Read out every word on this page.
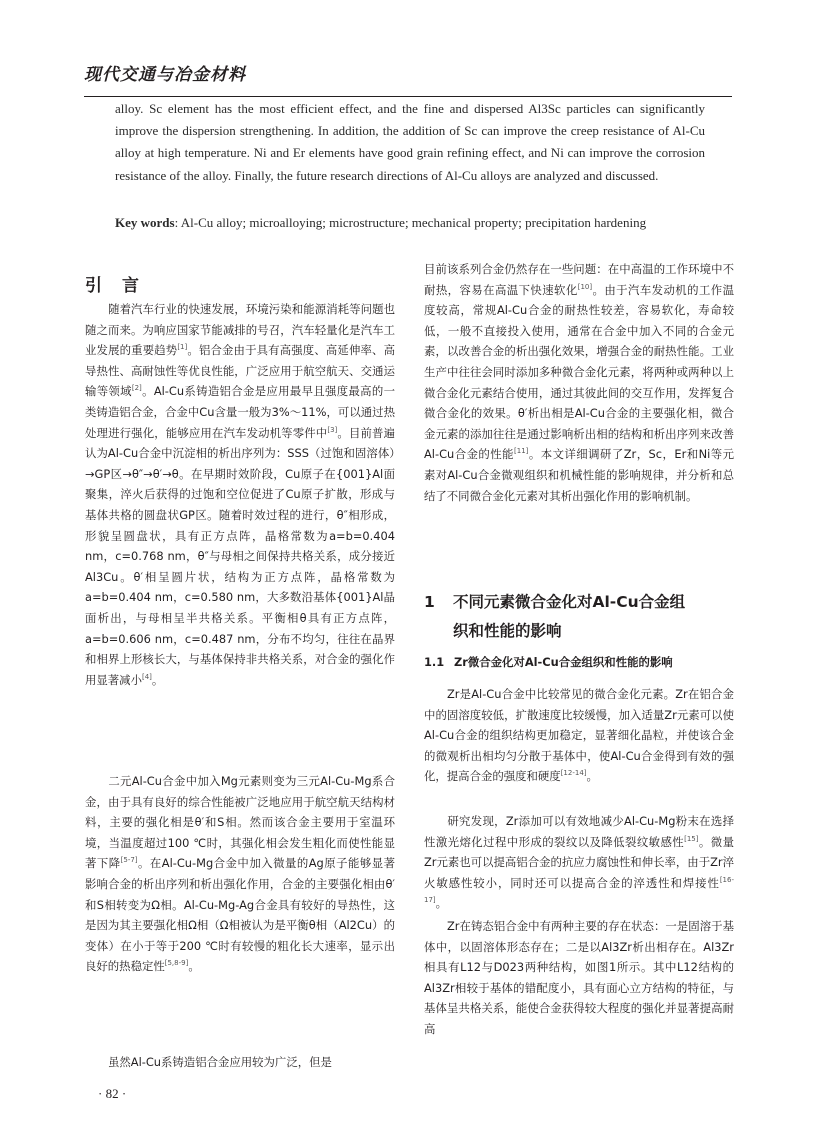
现代交通与冶金材料
alloy. Sc element has the most efficient effect, and the fine and dispersed Al3Sc particles can significantly improve the dispersion strengthening. In addition, the addition of Sc can improve the creep resistance of Al-Cu alloy at high temperature. Ni and Er elements have good grain refining effect, and Ni can improve the corrosion resistance of the alloy. Finally, the future research directions of Al-Cu alloys are analyzed and discussed.
Key words: Al-Cu alloy; microalloying; microstructure; mechanical property; precipitation hardening
引言
随着汽车行业的快速发展，环境污染和能源消耗等问题也随之而来。为响应国家节能减排的号召，汽车轻量化是汽车工业发展的重要趋势[1]。铝合金由于具有高强度、高延伸率、高导热性、高耐蚀性等优良性能，广泛应用于航空航天、交通运输等领域[2]。Al-Cu系铸造铝合金是应用最早且强度最高的一类铸造铝合金，合金中Cu含量一般为3%～11%，可以通过热处理进行强化，能够应用在汽车发动机等零件中[3]。目前普遍认为Al-Cu合金中沉淀相的析出序列为：SSS（过饱和固溶体）→GP区→θ″→θ′→θ。在早期时效阶段，Cu原子在{001}Al面聚集，淬火后获得的过饱和空位促进了Cu原子扩散，形成与基体共格的圆盘状GP区。随着时效过程的进行，θ″相形成，形貌呈圆盘状，具有正方点阵，晶格常数为a=b=0.404 nm，c=0.768 nm，θ″与母相之间保持共格关系，成分接近Al3Cu。θ′相呈圆片状，结构为正方点阵，晶格常数为a=b=0.404 nm，c=0.580 nm，大多数沿基体{001}Al晶面析出，与母相呈半共格关系。平衡相θ具有正方点阵，a=b=0.606 nm，c=0.487 nm，分布不均匀，往往在晶界和相界上形核长大，与基体保持非共格关系，对合金的强化作用显著减小[4]。
二元Al-Cu合金中加入Mg元素则变为三元Al-Cu-Mg系合金，由于具有良好的综合性能被广泛地应用于航空航天结构材料，主要的强化相是θ′和S相。然而该合金主要用于室温环境，当温度超过100 ℃时，其强化相会发生粗化而使性能显著下降[5-7]。在Al-Cu-Mg合金中加入微量的Ag原子能够显著影响合金的析出序列和析出强化作用，合金的主要强化相由θ′和S相转变为Ω相。Al-Cu-Mg-Ag合金具有较好的导热性，这是因为其主要强化相Ω相（Ω相被认为是平衡θ相（Al2Cu）的变体）在小于等于200 ℃时有较慢的粗化长大速率，显示出良好的热稳定性[5,8-9]。
虽然Al-Cu系铸造铝合金应用较为广泛，但是
目前该系列合金仍然存在一些问题：在中高温的工作环境中不耐热，容易在高温下快速软化[10]。由于汽车发动机的工作温度较高，常规Al-Cu合金的耐热性较差，容易软化，寿命较低，一般不直接投入使用，通常在合金中加入不同的合金元素，以改善合金的析出强化效果，增强合金的耐热性能。工业生产中往往会同时添加多种微合金化元素，将两种或两种以上微合金化元素结合使用，通过其彼此间的交互作用，发挥复合微合金化的效果。θ′析出相是Al-Cu合金的主要强化相，微合金元素的添加往往是通过影响析出相的结构和析出序列来改善Al-Cu合金的性能[11]。本文详细调研了Zr，Sc，Er和Ni等元素对Al-Cu合金微观组织和机械性能的影响规律，并分析和总结了不同微合金化元素对其析出强化作用的影响机制。
1 不同元素微合金化对Al-Cu合金组
织和性能的影响
1.1 Zr微合金化对Al-Cu合金组织和性能的影响
Zr是Al-Cu合金中比较常见的微合金化元素。Zr在铝合金中的固溶度较低，扩散速度比较缓慢，加入适量Zr元素可以使Al-Cu合金的组织结构更加稳定，显著细化晶粒，并使该合金的微观析出相均匀分散于基体中，使Al-Cu合金得到有效的强化，提高合金的强度和硬度[12-14]。
研究发现，Zr添加可以有效地减少Al-Cu-Mg粉末在选择性激光熔化过程中形成的裂纹以及降低裂纹敏感性[15]。微量Zr元素也可以提高铝合金的抗应力腐蚀性和伸长率，由于Zr淬火敏感性较小，同时还可以提高合金的淬透性和焊接性[16-17]。
Zr在铸态铝合金中有两种主要的存在状态：一是固溶于基体中，以固溶体形态存在；二是以Al3Zr析出相存在。Al3Zr相具有L12与D023两种结构，如图1所示。其中L12结构的Al3Zr相较于基体的错配度小，具有面心立方结构的特征，与基体呈共格关系，能使合金获得较大程度的强化并显著提高耐高
· 82 ·
